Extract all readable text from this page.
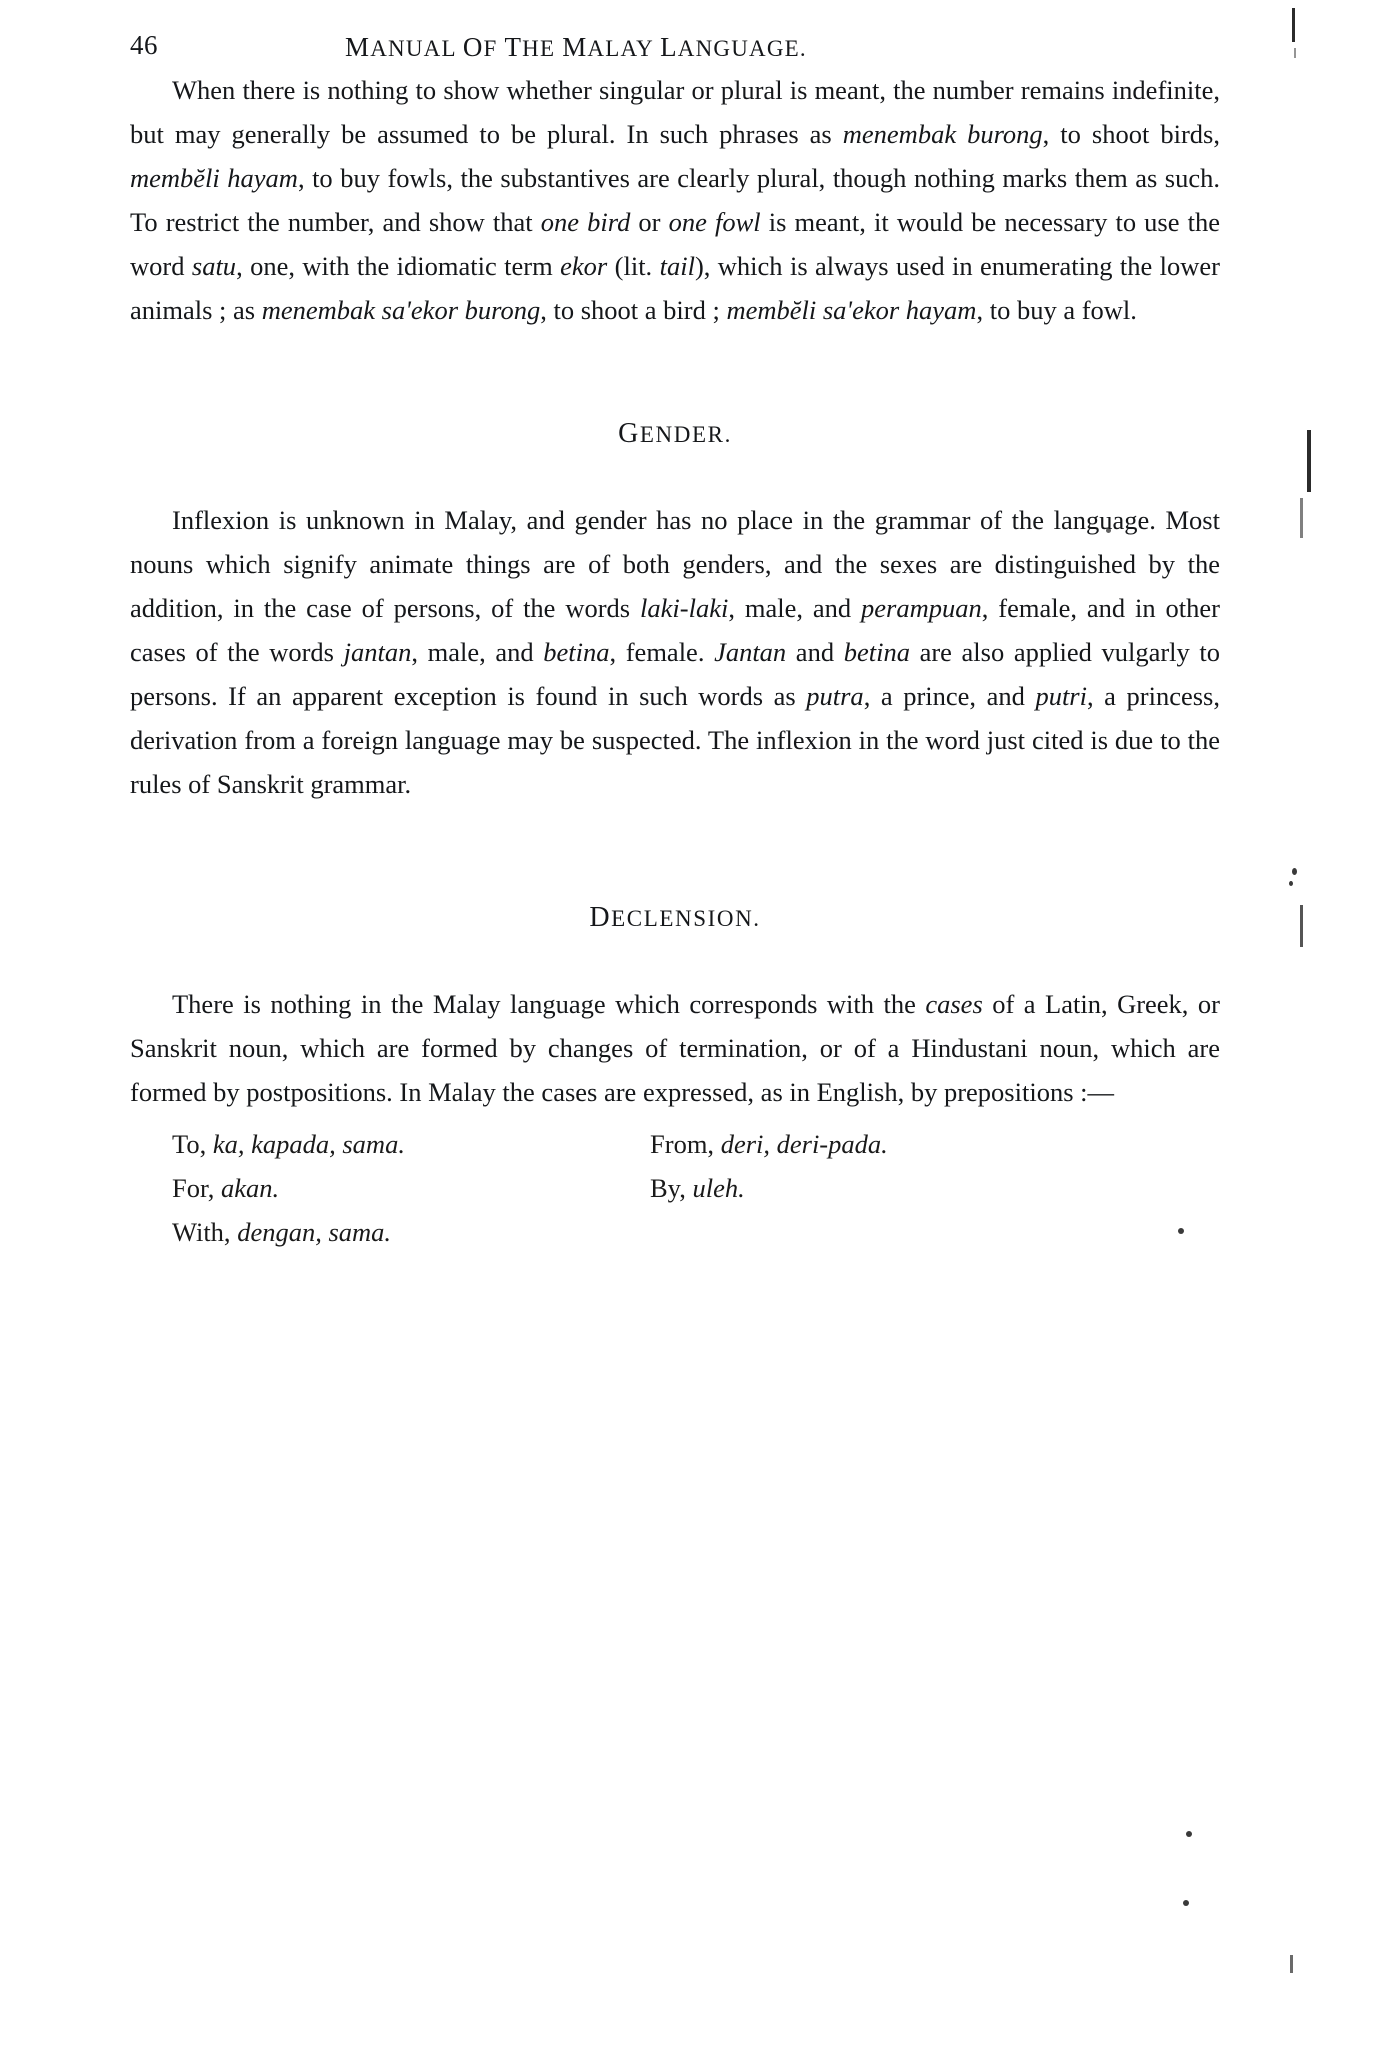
46	MANUAL OF THE MALAY LANGUAGE.

When there is nothing to show whether singular or plural is meant, the number remains indefinite, but may generally be assumed to be plural. In such phrases as menembak burong, to shoot birds, membĕli hayam, to buy fowls, the substantives are clearly plural, though nothing marks them as such. To restrict the number, and show that one bird or one fowl is meant, it would be necessary to use the word satu, one, with the idiomatic term ekor (lit. tail), which is always used in enumerating the lower animals ; as menembak sa'ekor burong, to shoot a bird ; membĕli sa'ekor hayam, to buy a fowl.

GENDER.

Inflexion is unknown in Malay, and gender has no place in the grammar of the language. Most nouns which signify animate things are of both genders, and the sexes are distinguished by the addition, in the case of persons, of the words laki-laki, male, and perampuan, female, and in other cases of the words jantan, male, and betina, female. Jantan and betina are also applied vulgarly to persons. If an apparent exception is found in such words as putra, a prince, and putri, a princess, derivation from a foreign language may be suspected. The inflexion in the word just cited is due to the rules of Sanskrit grammar.

DECLENSION.

There is nothing in the Malay language which corresponds with the cases of a Latin, Greek, or Sanskrit noun, which are formed by changes of termination, or of a Hindustani noun, which are formed by postpositions. In Malay the cases are expressed, as in English, by prepositions :—

To, ka, kapada, sama.	From, deri, deri-pada.
For, akan.	By, uleh.
With, dengan, sama.
